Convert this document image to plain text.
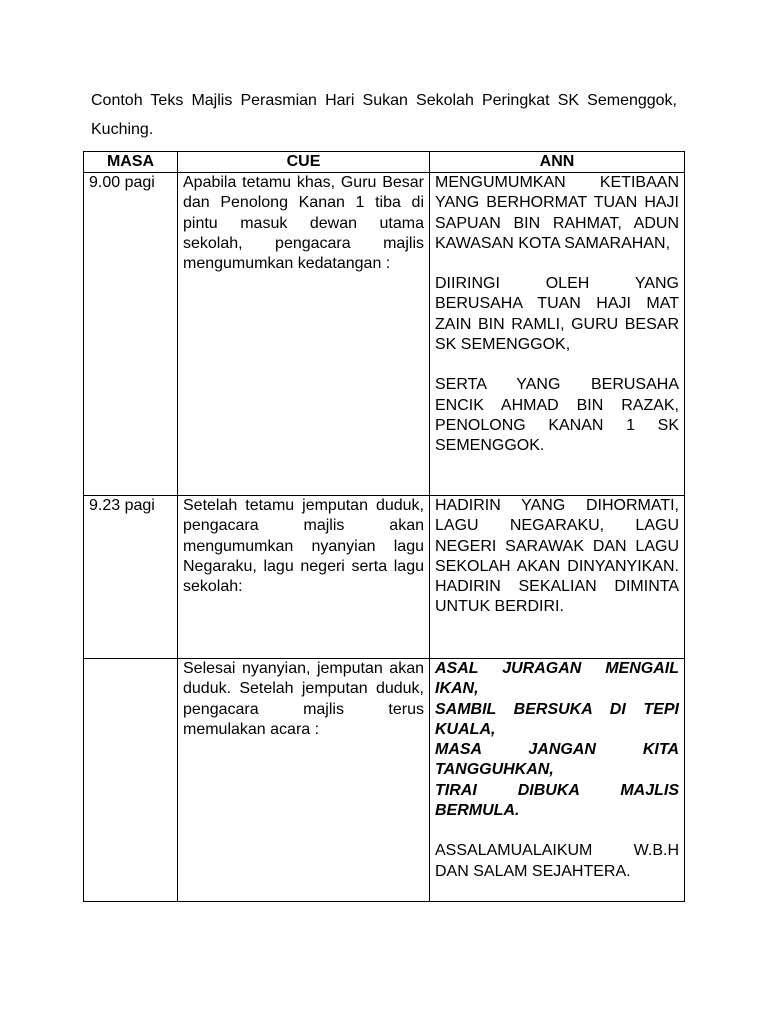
Contoh Teks Majlis Perasmian Hari Sukan Sekolah Peringkat SK Semenggok, Kuching.

MASA	CUE	ANN
9.00 pagi	Apabila tetamu khas, Guru Besar dan Penolong Kanan 1 tiba di pintu masuk dewan utama sekolah, pengacara majlis mengumumkan kedatangan :	MENGUMUMKAN KETIBAAN YANG BERHORMAT TUAN HAJI SAPUAN BIN RAHMAT, ADUN KAWASAN KOTA SAMARAHAN,

DIIRINGI OLEH YANG BERUSAHA TUAN HAJI MAT ZAIN BIN RAMLI, GURU BESAR SK SEMENGGOK,

SERTA YANG BERUSAHA ENCIK AHMAD BIN RAZAK, PENOLONG KANAN 1 SK SEMENGGOK.

9.23 pagi	Setelah tetamu jemputan duduk, pengacara majlis akan mengumumkan nyanyian lagu Negaraku, lagu negeri serta lagu sekolah:	HADIRIN YANG DIHORMATI, LAGU NEGARAKU, LAGU NEGERI SARAWAK DAN LAGU SEKOLAH AKAN DINYANYIKAN. HADIRIN SEKALIAN DIMINTA UNTUK BERDIRI.

	Selesai nyanyian, jemputan akan duduk. Setelah jemputan duduk, pengacara majlis terus memulakan acara :	ASAL JURAGAN MENGAIL IKAN,

SAMBIL BERSUKA DI TEPI KUALA,

MASA JANGAN KITA TANGGUHKAN,

TIRAI DIBUKA MAJLIS BERMULA.

ASSALAMUALAIKUM W.B.H DAN SALAM SEJAHTERA.
